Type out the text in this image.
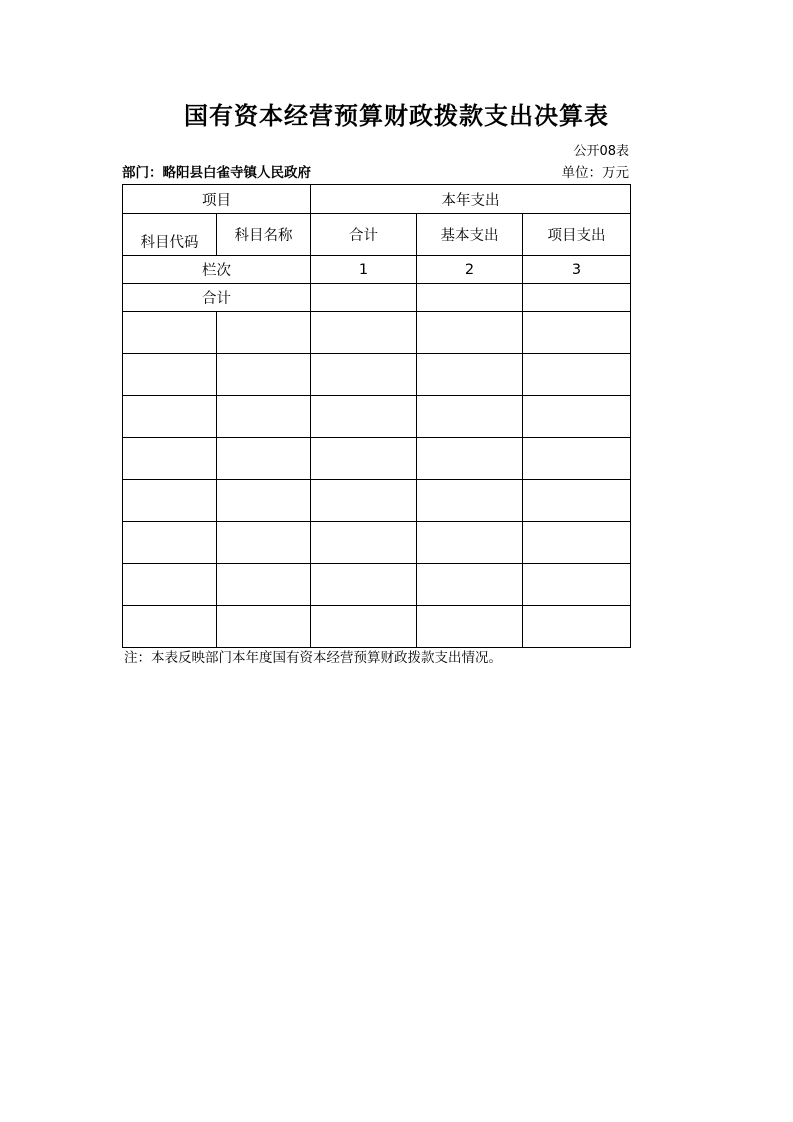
国有资本经营预算财政拨款支出决算表
公开08表
部门：略阳县白雀寺镇人民政府	单位：万元
项目		本年支出		
科目代码	科目名称	合计	基本支出	项目支出
栏次		1	2	3
合计				

注：本表反映部门本年度国有资本经营预算财政拨款支出情况。
